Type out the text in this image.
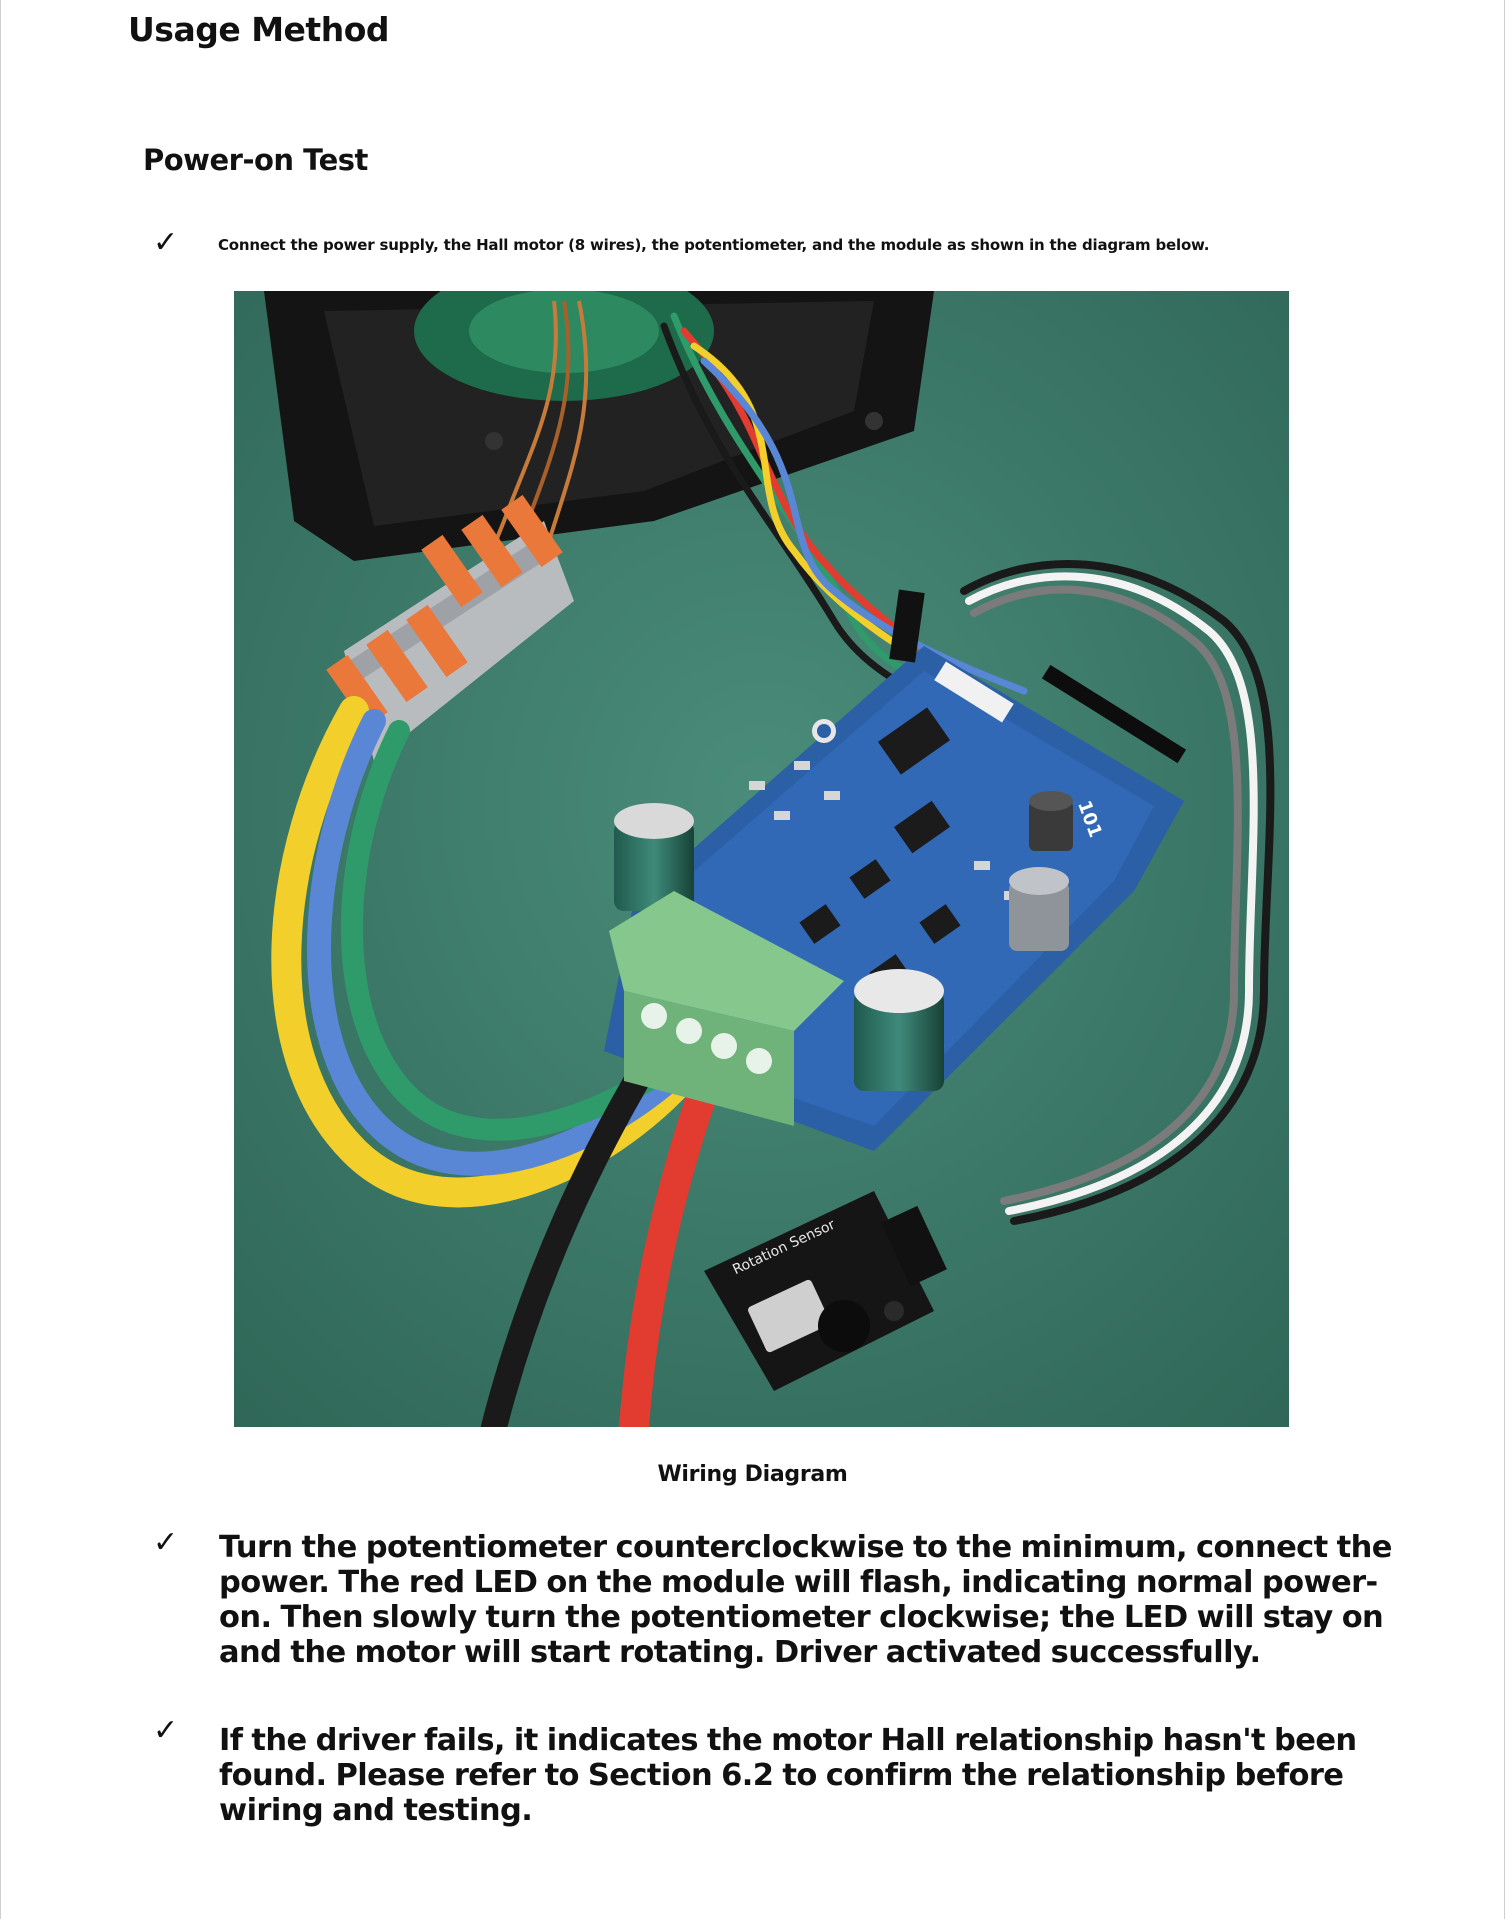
Usage Method
Power-on Test
✓	Connect the power supply, the Hall motor (8 wires), the potentiometer, and the module as shown in the diagram below.
101
Rotation Sensor
Wiring Diagram
✓ Turn the potentiometer counterclockwise to the minimum, connect the power. The red LED on the module will flash, indicating normal power-on. Then slowly turn the potentiometer clockwise; the LED will stay on and the motor will start rotating. Driver activated successfully.
✓ If the driver fails, it indicates the motor Hall relationship hasn't been found. Please refer to Section 6.2 to confirm the relationship before wiring and testing.
